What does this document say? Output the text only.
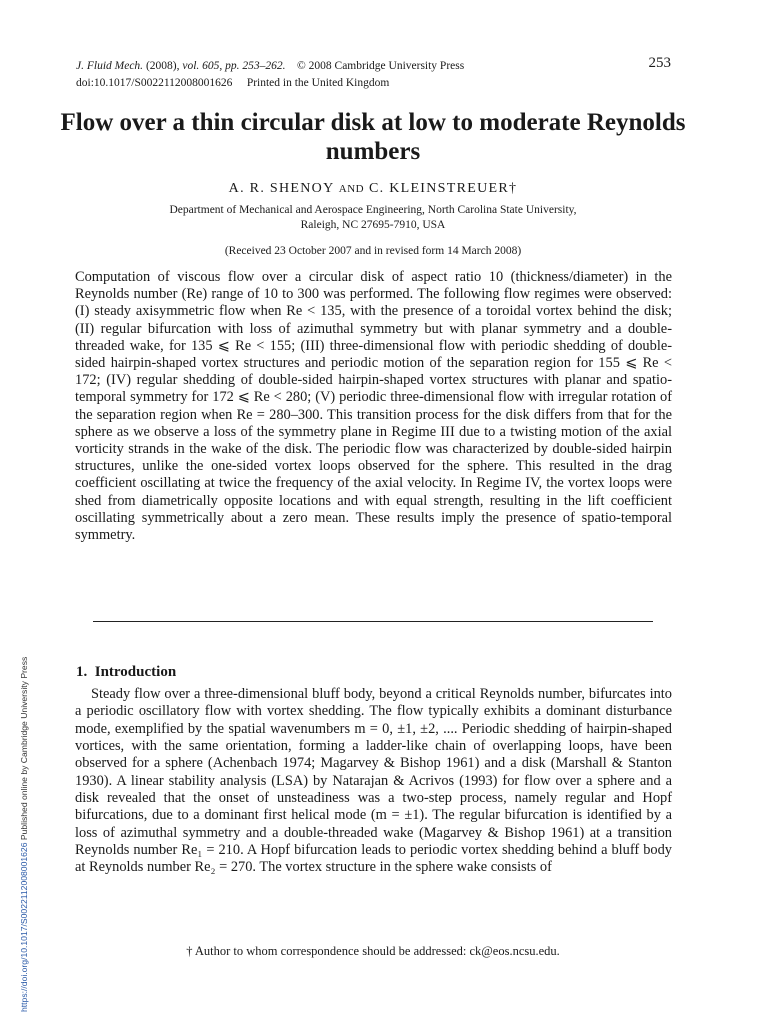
J. Fluid Mech. (2008), vol. 605, pp. 253–262. © 2008 Cambridge University Press
doi:10.1017/S0022112008001626 Printed in the United Kingdom
253
Flow over a thin circular disk at low to moderate Reynolds numbers
A. R. SHENOY AND C. KLEINSTREUER†
Department of Mechanical and Aerospace Engineering, North Carolina State University,
Raleigh, NC 27695-7910, USA
(Received 23 October 2007 and in revised form 14 March 2008)
Computation of viscous flow over a circular disk of aspect ratio 10 (thickness/diameter) in the Reynolds number (Re) range of 10 to 300 was performed. The following flow regimes were observed: (I) steady axisymmetric flow when Re < 135, with the presence of a toroidal vortex behind the disk; (II) regular bifurcation with loss of azimuthal symmetry but with planar symmetry and a double-threaded wake, for 135 ⩽ Re < 155; (III) three-dimensional flow with periodic shedding of double-sided hairpin-shaped vortex structures and periodic motion of the separation region for 155 ⩽ Re < 172; (IV) regular shedding of double-sided hairpin-shaped vortex structures with planar and spatio-temporal symmetry for 172 ⩽ Re < 280; (V) periodic three-dimensional flow with irregular rotation of the separation region when Re = 280–300. This transition process for the disk differs from that for the sphere as we observe a loss of the symmetry plane in Regime III due to a twisting motion of the axial vorticity strands in the wake of the disk. The periodic flow was characterized by double-sided hairpin structures, unlike the one-sided vortex loops observed for the sphere. This resulted in the drag coefficient oscillating at twice the frequency of the axial velocity. In Regime IV, the vortex loops were shed from diametrically opposite locations and with equal strength, resulting in the lift coefficient oscillating symmetrically about a zero mean. These results imply the presence of spatio-temporal symmetry.
1. Introduction
Steady flow over a three-dimensional bluff body, beyond a critical Reynolds number, bifurcates into a periodic oscillatory flow with vortex shedding. The flow typically exhibits a dominant disturbance mode, exemplified by the spatial wavenumbers m = 0, ±1, ±2, .... Periodic shedding of hairpin-shaped vortices, with the same orientation, forming a ladder-like chain of overlapping loops, have been observed for a sphere (Achenbach 1974; Magarvey & Bishop 1961) and a disk (Marshall & Stanton 1930). A linear stability analysis (LSA) by Natarajan & Acrivos (1993) for flow over a sphere and a disk revealed that the onset of unsteadiness was a two-step process, namely regular and Hopf bifurcations, due to a dominant first helical mode (m = ±1). The regular bifurcation is identified by a loss of azimuthal symmetry and a double-threaded wake (Magarvey & Bishop 1961) at a transition Reynolds number Re₁ = 210. A Hopf bifurcation leads to periodic vortex shedding behind a bluff body at Reynolds number Re₂ = 270. The vortex structure in the sphere wake consists of
† Author to whom correspondence should be addressed: ck@eos.ncsu.edu.
https://doi.org/10.1017/S0022112008001626 Published online by Cambridge University Press
